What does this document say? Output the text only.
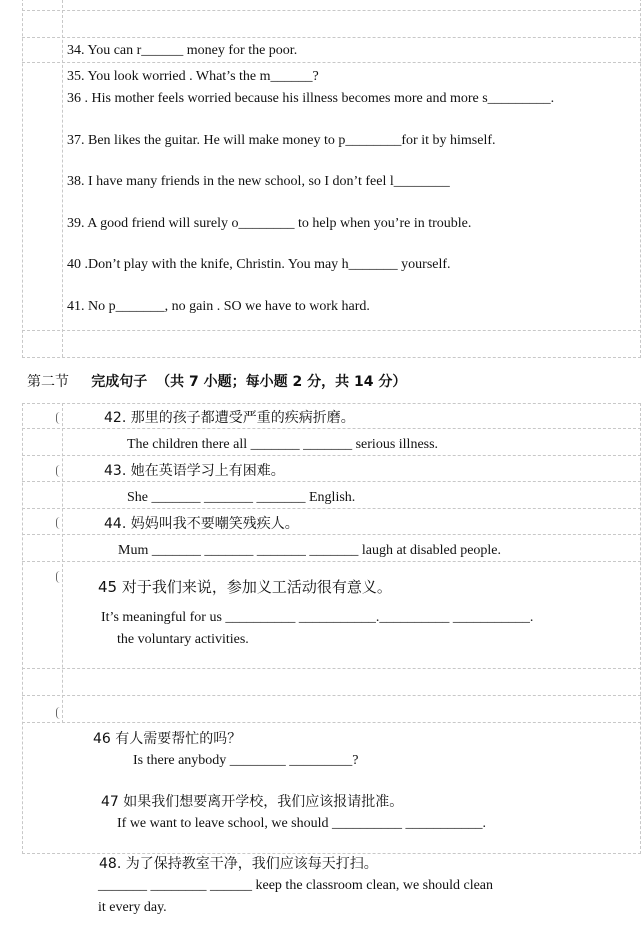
34. You can r______ money for the poor.
35. You look worried . What’s the m______?
36 . His mother feels worried because his illness becomes more and more s_________.
37. Ben likes the guitar. He will make money to p________for it by himself.
38. I have many friends in the new school, so I don’t feel l________
39. A good friend will surely o________ to help when you’re in trouble.
40 .Don’t play with the knife, Christin. You may h_______ yourself.
41. No p_______, no gain . SO we have to work hard.
第二节 完成句子 （共 7 小题；每小题 2 分，共 14 分）
42. 那里的孩子都遭受严重的疾病折磨。
The children there all _______ _______ serious illness.
43. 她在英语学习上有困难。
She _______ _______ _______ English.
44. 妈妈叫我不要嘲笑残疾人。
Mum _______ _______ _______ _______ laugh at disabled people.
45 对于我们来说，参加义工活动很有意义。
It’s meaningful for us __________ ___________.__________ ___________.
the voluntary activities.
46 有人需要帮忙的吗？
Is there anybody ________ _________?
47 如果我们想要离开学校，我们应该报请批准。
If we want to leave school, we should __________ ___________.
48. 为了保持教室干净，我们应该每天打扫。
_______ ________ ______ keep the classroom clean, we should clean
it every day.
